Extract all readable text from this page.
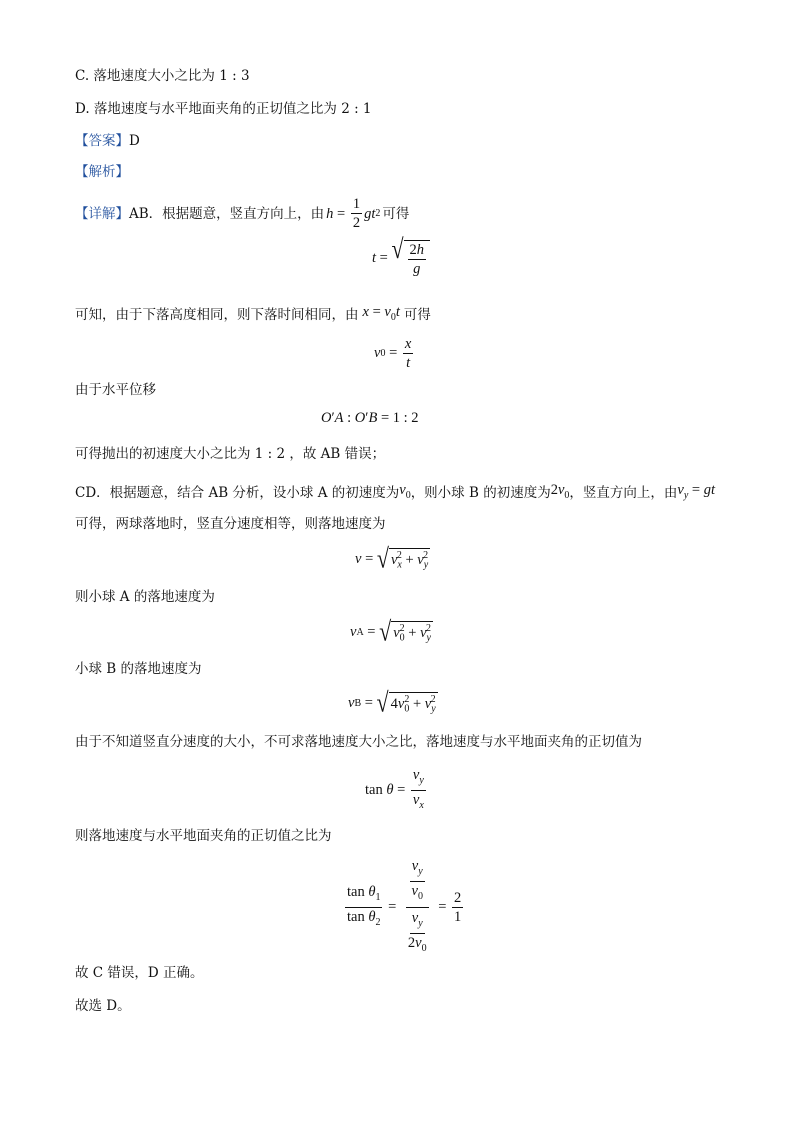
C. 落地速度大小之比为 1 : 3
D. 落地速度与水平地面夹角的正切值之比为 2 : 1
【答案】D
【解析】
【详解】 AB．根据题意，竖直方向上，由 $h = \frac{1}{2}$ gt 2 可得
t = √ $\frac{2h}{g}$
可知，由于下落高度相同，则下落时间相同，由 $x = v_0t$ 可得
v $0 = \frac{x}{t}$
由于水平位移
O ′ A : O ′ B = 1 : 2
可得抛出的初速度大小之比为 1 : 2 ，故 AB 错误；
CD．根据题意，结合 AB 分析，设小球 A 的初速度为 $v_0$ ，则小球 B 的初速度为 $2v_0$ ，竖直方向上，由 $v_y$ = gt
可得，两球落地时，竖直分速度相等，则落地速度为
v = √ $v_x^2 + v_y^2$
则小球 A 的落地速度为
v A = √ $v_0^2 + v_y^2$
小球 B 的落地速度为
v B = √ $4v_0^2 + v_y^2$
由于不知道竖直分速度的大小，不可求落地速度大小之比，落地速度与水平地面夹角的正切值为
$\tan \theta = \frac{v_y}{v_x}$
则落地速度与水平地面夹角的正切值之比为
$\frac{\tan \theta_1}{\tan \theta_2} = \frac{\frac{v_y}{v_0}}{\frac{v_y}{2v_0}} = \frac{2}{1}$
故 C 错误，D 正确。
故选 D。
